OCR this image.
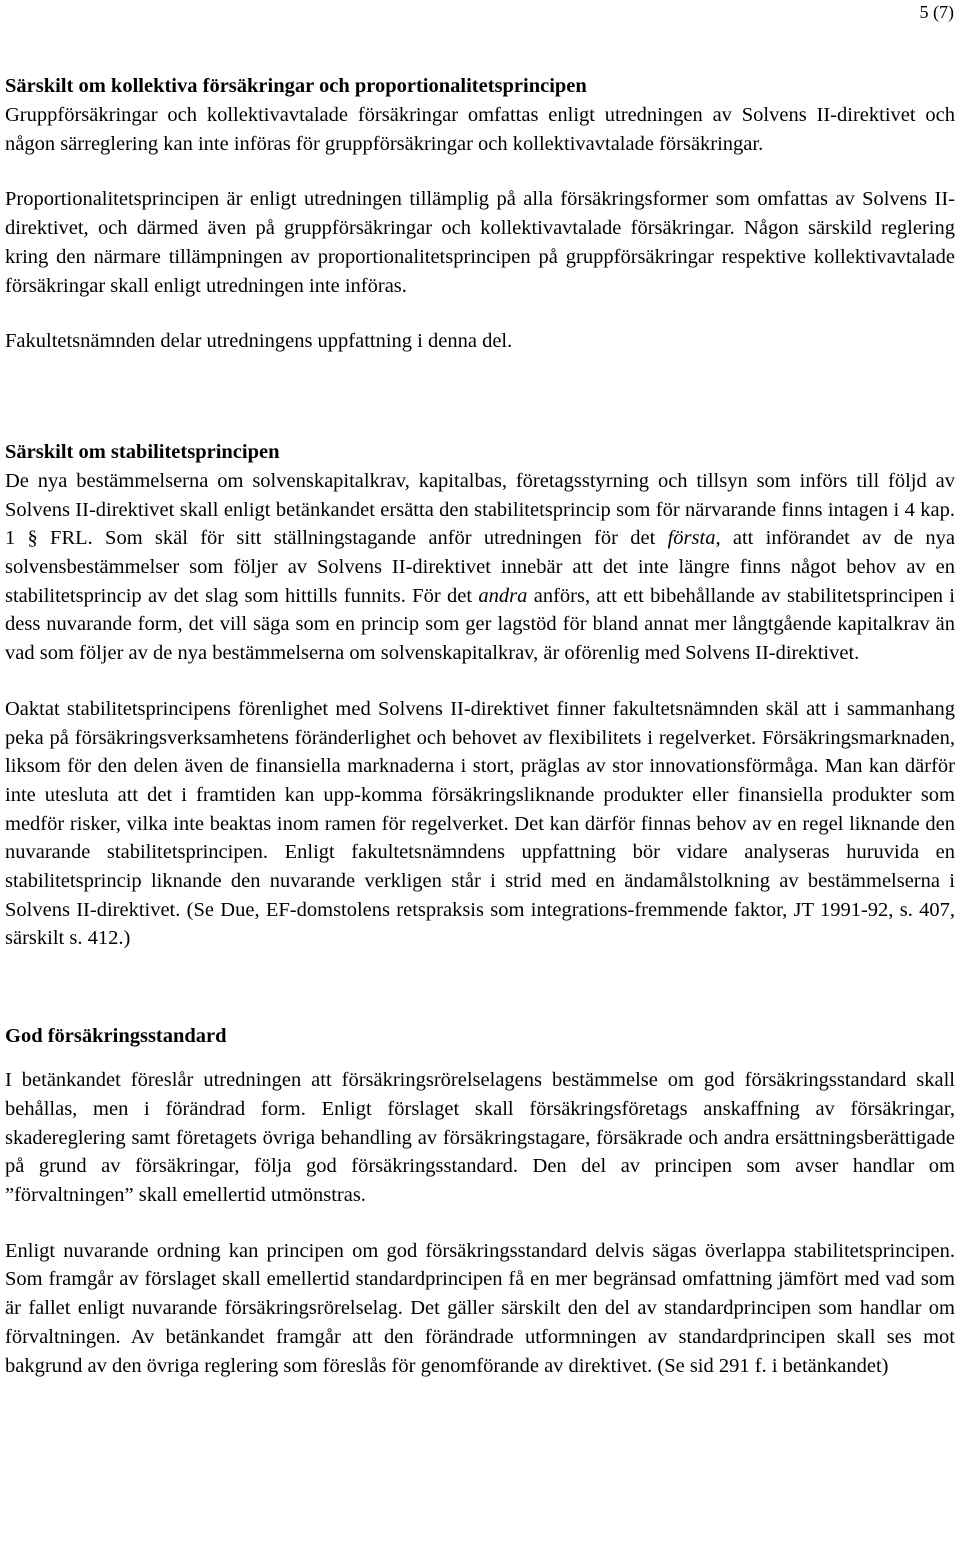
5 (7)
Särskilt om kollektiva försäkringar och proportionalitetsprincipen

Gruppförsäkringar och kollektivavtalade försäkringar omfattas enligt utredningen av Solvens II-direktivet och någon särreglering kan inte införas för gruppförsäkringar och kollektivavtalade försäkringar.

Proportionalitetsprincipen är enligt utredningen tillämplig på alla försäkringsformer som omfattas av Solvens II-direktivet, och därmed även på gruppförsäkringar och kollektivavtalade försäkringar. Någon särskild reglering kring den närmare tillämpningen av proportionalitetsprincipen på gruppförsäkringar respektive kollektivavtalade försäkringar skall enligt utredningen inte införas.

Fakultetsnämnden delar utredningens uppfattning i denna del.

Särskilt om stabilitetsprincipen

De nya bestämmelserna om solvenskapitalkrav, kapitalbas, företagsstyrning och tillsyn som införs till följd av Solvens II-direktivet skall enligt betänkandet ersätta den stabilitetsprincip som för närvarande finns intagen i 4 kap. 1 § FRL. Som skäl för sitt ställningstagande anför utredningen för det första, att införandet av de nya solvensbestämmelser som följer av Solvens II-direktivet innebär att det inte längre finns något behov av en stabilitetsprincip av det slag som hittills funnits. För det andra anförs, att ett bibehållande av stabilitetsprincipen i dess nuvarande form, det vill säga som en princip som ger lagstöd för bland annat mer långtgående kapitalkrav än vad som följer av de nya bestämmelserna om solvenskapitalkrav, är oförenlig med Solvens II-direktivet.

Oaktat stabilitetsprincipens förenlighet med Solvens II-direktivet finner fakultetsnämnden skäl att i sammanhang peka på försäkringsverksamhetens föränderlighet och behovet av flexibilitets i regelverket. Försäkringsmarknaden, liksom för den delen även de finansiella marknaderna i stort, präglas av stor innovationsförmåga. Man kan därför inte utesluta att det i framtiden kan upp-komma försäkringsliknande produkter eller finansiella produkter som medför risker, vilka inte beaktas inom ramen för regelverket. Det kan därför finnas behov av en regel liknande den nuvarande stabilitetsprincipen. Enligt fakultetsnämndens uppfattning bör vidare analyseras huruvida en stabilitetsprincip liknande den nuvarande verkligen står i strid med en ändamålstolkning av bestämmelserna i Solvens II-direktivet. (Se Due, EF-domstolens retspraksis som integrations-fremmende faktor, JT 1991-92, s. 407, särskilt s. 412.)

God försäkringsstandard

I betänkandet föreslår utredningen att försäkringsrörelselagens bestämmelse om god försäkringsstandard skall behållas, men i förändrad form. Enligt förslaget skall försäkringsföretags anskaffning av försäkringar, skadereglering samt företagets övriga behandling av försäkringstagare, försäkrade och andra ersättningsberättigade på grund av försäkringar, följa god försäkringsstandard. Den del av principen som avser handlar om ”förvaltningen” skall emellertid utmönstras.

Enligt nuvarande ordning kan principen om god försäkringsstandard delvis sägas överlappa stabilitetsprincipen. Som framgår av förslaget skall emellertid standardprincipen få en mer begränsad omfattning jämfört med vad som är fallet enligt nuvarande försäkringsrörelselag. Det gäller särskilt den del av standardprincipen som handlar om förvaltningen. Av betänkandet framgår att den förändrade utformningen av standardprincipen skall ses mot bakgrund av den övriga reglering som föreslås för genomförande av direktivet. (Se sid 291 f. i betänkandet)
